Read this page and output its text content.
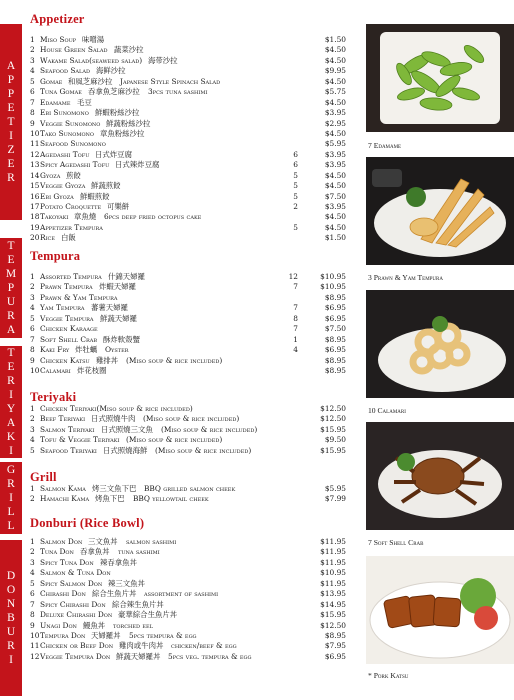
A
P
P
E
T
I
Z
E
R
T
E
M
P
U
R
A
T
E
R
I
Y
A
K
I
G
R
I
L
L
D
O
N
B
U
R
I
Appetizer
Tempura
Teriyaki
Grill
Donburi (Rice Bowl)
1 Miso Soup 味噌湯	$1.50
2 House Green Salad 蔬菜沙拉	$4.50
3 Wakame Salad(seaweed salad) 海带沙拉	$4.50
4 Seafood Salad 海鲜沙拉	$9.95
5 Gomae 和風芝麻沙拉 Japanese Style Spinach Salad	$4.50
6 Tuna Gomae 吞拿魚芝麻沙拉 3pcs tuna sashimi	$5.75
7 Edamame 毛豆	$4.50
8 Ebi Sunomono 鮮蝦粉絲沙拉	$3.95
9 Veggie Sunomono 鮮蔬粉絲沙拉	$2.95
10 Tako Sunomono 章魚粉絲沙拉	$4.50
11 Seafood Sunomono	$5.95
12 Agedashi Tofu 日式炸豆腐	6	$3.95
13 Spicy Agedashi Tofu 日式辣炸豆腐	6	$3.95
14 Gyoza 煎餃	5	$4.50
15 Veggie Gyoza 鮮蔬煎餃	5	$4.50
16 Ebi Gyoza 鮮蝦煎餃	5	$7.50
17 Potato Croquette 可樂餅	2	$3.95
18 Takoyaki 章魚燒 6pcs deep fried octopus cake	$4.50
19 Appetizer Tempura	5	$4.50
20 Rice 白飯	$1.50
1 Assorted Tempura 什錦天婦羅	12	$10.95
2 Prawn Tempura 炸蝦天婦羅	7	$10.95
3 Prawn & Yam Tempura	$8.95
4 Yam Tempura 蕃薯天婦羅	7	$6.95
5 Veggie Tempura 鮮蔬天婦羅	8	$6.95
6 Chicken Karaage	7	$7.50
7 Soft Shell Crab 酥炸軟殼蟹	1	$8.95
8 Kaki Fry 炸牡蠣 Oyster	4	$6.95
9 Chicken Katsu 雞排丼 (Miso soup & rice included)	$8.95
10 Calamari 炸花枝圈	$8.95
1 Chicken Teriyaki(Miso soup & rice included)	$12.50
2 Beef Teriyaki 日式照燒牛肉 (Miso soup & rice included)	$12.50
3 Salmon Teriyaki 日式照燒三文魚 (Miso soup & rice included)	$15.95
4 Tofu & Veggie Teriyaki (Miso soup & rice included)	$9.50
5 Seafood Teriyaki 日式照燒海鮮 (Miso soup & rice included)	$15.95
1 Salmon Kama 烤三文魚下巴 BBQ grilled salmon cheek	$5.95
2 Hamachi Kama 烤魚下巴 BBQ yellowtail cheek	$7.99
1 Salmon Don 三文魚丼 salmon sashimi	$11.95
2 Tuna Don 吞拿魚丼 tuna sashimi	$11.95
3 Spicy Tuna Don 辣吞拿魚丼	$11.95
4 Salmon & Tuna Don	$10.95
5 Spicy Salmon Don 辣三文魚丼	$11.95
6 Chirashi Don 綜合生魚片丼 assortment of sashimi	$13.95
7 Spicy Chirashi Don 綜合辣生魚片丼	$14.95
8 Deluxe Chirashi Don 豪華綜合生魚片丼	$15.95
9 Unagi Don 鰻魚丼 torched eel	$12.50
10 Tempura Don 天婦羅丼 5pcs tempura & egg	$8.95
11 Chicken or Beef Don 雞肉或牛肉丼 chicken/beef & egg	$7.95
12 Veggie Tempura Don 鮮蔬天婦羅丼 5pcs veg. tempura & egg	$6.95
7 Edamame
3 Prawn & Yam Tempura
10 Calamari
7 Soft Shell Crab
* Pork Katsu
